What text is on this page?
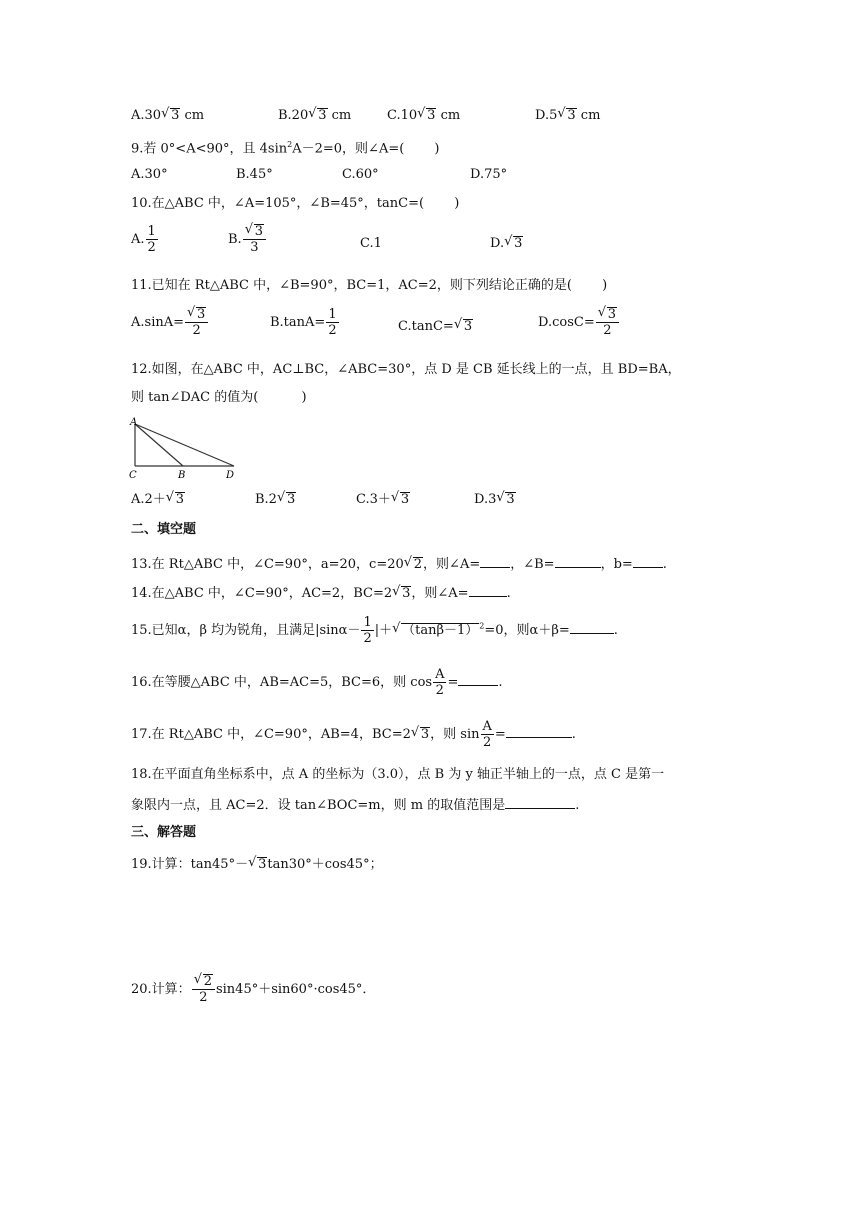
A.30 √ 3 cm	B.20 √ 3 cm	C.10 √ 3 cm	D.5 √ 3 cm
9.若 0°<A<90°，且 $4\sin^2A-2=0$，则∠A=(　 　)
A.30°	B.45°	C.60°	D.75°
10.在△ABC 中，∠A=105°，∠B=45°，tanC=(　 　)
A. $\frac{1}{2}$	B. √ $\frac{3}{3}$	C.1	D. √ 3
11.已知在 Rt△ABC 中，∠B=90°，BC=1，AC=2，则下列结论正确的是(　 　)
A.sinA= √ $\frac{3}{2}$	$B.\tan A= \frac{1}{2}$	C.tanC= √ 3	D.cosC= √ $\frac{3}{2}$
12.如图，在△ABC 中，AC⊥BC，∠ABC=30°，点 D 是 CB 延长线上的一点，且 BD=BA，
则 tan∠DAC 的值为(　　 　)
A
C	B	D
A.2＋ √ 3	B.2 √ 3	C.3＋ √ 3	D.3 √ 3
二、填空题
13.在 Rt△ABC 中，∠C=90°，a=20，c=20 √ 2，则∠A= ，∠B=	，b= .
14.在△ABC 中，∠C=90°，AC=2，BC=2 √ 3，则∠A=	.
15.已知α，β 均为锐角，且满足$|\sin\alpha- \frac{1}{2}$ |＋ √ $(\tan\beta-1)^2=0$，则α＋β=	.
16.在等腰△ABC 中，AB=AC=5，BC=6，则 $\cos \frac{A}{2}$ =	.
17.在 Rt△ABC 中，∠C=90°，AB=4，BC=2 √ 3，则 $\sin \frac{A}{2}$ =	.
18.在平面直角坐标系中，点 A 的坐标为（3.0），点 B 为 y 轴正半轴上的一点，点 C 是第一
象限内一点，且 AC=2．设 tan∠BOC=m，则 m 的取值范围是	.
三、解答题
19.计算：tan45°－ √ 3tan30°＋cos45°；
20.计算： √ $\frac{2}{2} \sin 45^\circ+\sin 60^\circ\cdot\cos 45^\circ$．
